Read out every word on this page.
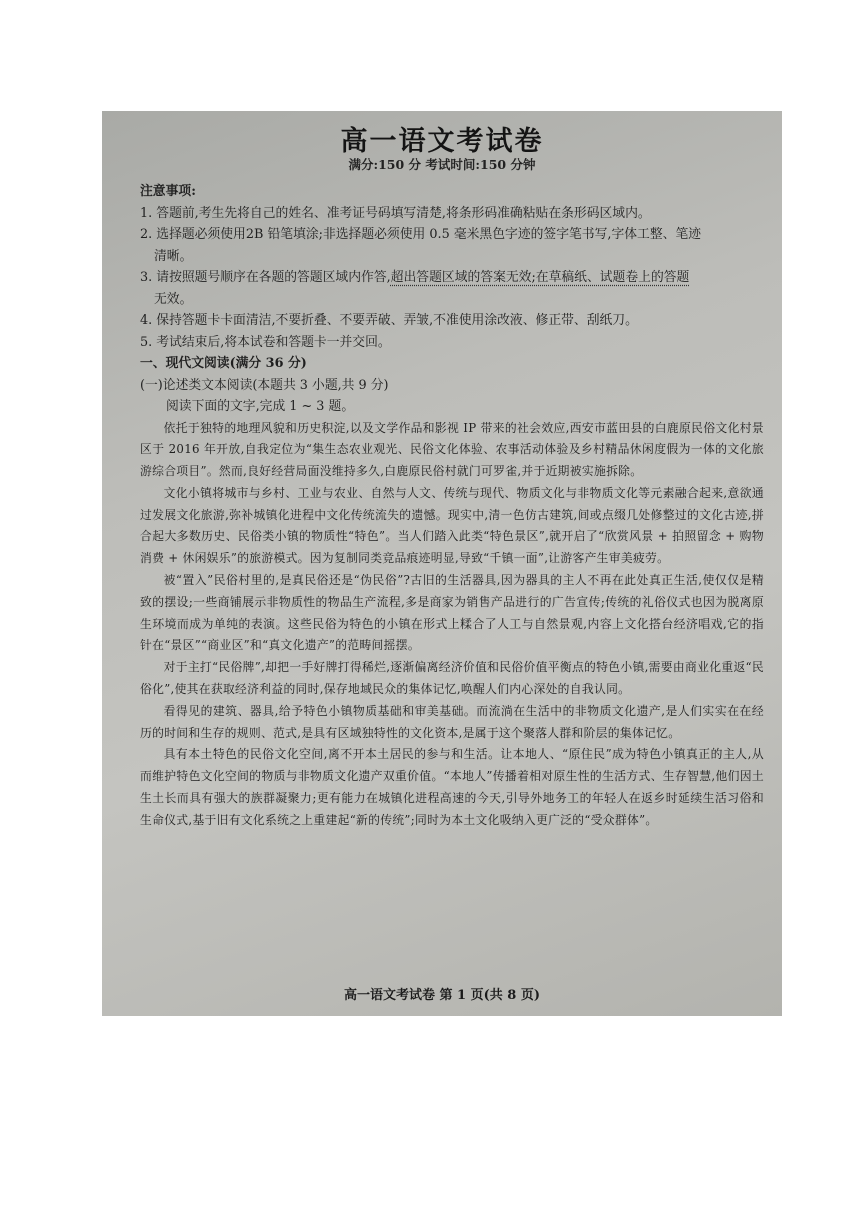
高一语文考试卷
满分:150 分 考试时间:150 分钟
注意事项:
1. 答题前,考生先将自己的姓名、准考证号码填写清楚,将条形码准确粘贴在条形码区域内。
2. 选择题必须使用2B 铅笔填涂;非选择题必须使用 0.5 毫米黑色字迹的签字笔书写,字体工整、笔迹
清晰。
3. 请按照题号顺序在各题的答题区域内作答,超出答题区域的答案无效;在草稿纸、试题卷上的答题
无效。
4. 保持答题卡卡面清洁,不要折叠、不要弄破、弄皱,不准使用涂改液、修正带、刮纸刀。
5. 考试结束后,将本试卷和答题卡一并交回。
一、现代文阅读(满分 36 分)
(一)论述类文本阅读(本题共 3 小题,共 9 分)
阅读下面的文字,完成 1 ~ 3 题。

依托于独特的地理风貌和历史积淀,以及文学作品和影视 IP 带来的社会效应,西安市蓝田县的白鹿原民俗文化村景区于 2016 年开放,自我定位为“集生态农业观光、民俗文化体验、农事活动体验及乡村精品休闲度假为一体的文化旅游综合项目”。然而,良好经营局面没维持多久,白鹿原民俗村就门可罗雀,并于近期被实施拆除。

文化小镇将城市与乡村、工业与农业、自然与人文、传统与现代、物质文化与非物质文化等元素融合起来,意欲通过发展文化旅游,弥补城镇化进程中文化传统流失的遗憾。现实中,清一色仿古建筑,间或点缀几处修整过的文化古迹,拼合起大多数历史、民俗类小镇的物质性“特色”。当人们踏入此类“特色景区”,就开启了“欣赏风景 + 拍照留念 + 购物消费 + 休闲娱乐”的旅游模式。因为复制同类竞品痕迹明显,导致“千镇一面”,让游客产生审美疲劳。

被“置入”民俗村里的,是真民俗还是“伪民俗”?古旧的生活器具,因为器具的主人不再在此处真正生活,使仅仅是精致的摆设;一些商铺展示非物质性的物品生产流程,多是商家为销售产品进行的广告宣传;传统的礼俗仪式也因为脱离原生环境而成为单纯的表演。这些民俗为特色的小镇在形式上糅合了人工与自然景观,内容上文化搭台经济唱戏,它的指针在“景区”“商业区”和“真文化遗产”的范畴间摇摆。

对于主打“民俗牌”,却把一手好牌打得稀烂,逐渐偏离经济价值和民俗价值平衡点的特色小镇,需要由商业化重返“民俗化”,使其在获取经济利益的同时,保存地域民众的集体记忆,唤醒人们内心深处的自我认同。

看得见的建筑、器具,给予特色小镇物质基础和审美基础。而流淌在生活中的非物质文化遗产,是人们实实在在经历的时间和生存的规则、范式,是具有区域独特性的文化资本,是属于这个聚落人群和阶层的集体记忆。

具有本土特色的民俗文化空间,离不开本土居民的参与和生活。让本地人、“原住民”成为特色小镇真正的主人,从而维护特色文化空间的物质与非物质文化遗产双重价值。“本地人”传播着相对原生性的生活方式、生存智慧,他们因土生土长而具有强大的族群凝聚力;更有能力在城镇化进程高速的今天,引导外地务工的年轻人在返乡时延续生活习俗和生命仪式,基于旧有文化系统之上重建起“新的传统”;同时为本土文化吸纳入更广泛的“受众群体”。

高一语文考试卷 第 1 页(共 8 页)
